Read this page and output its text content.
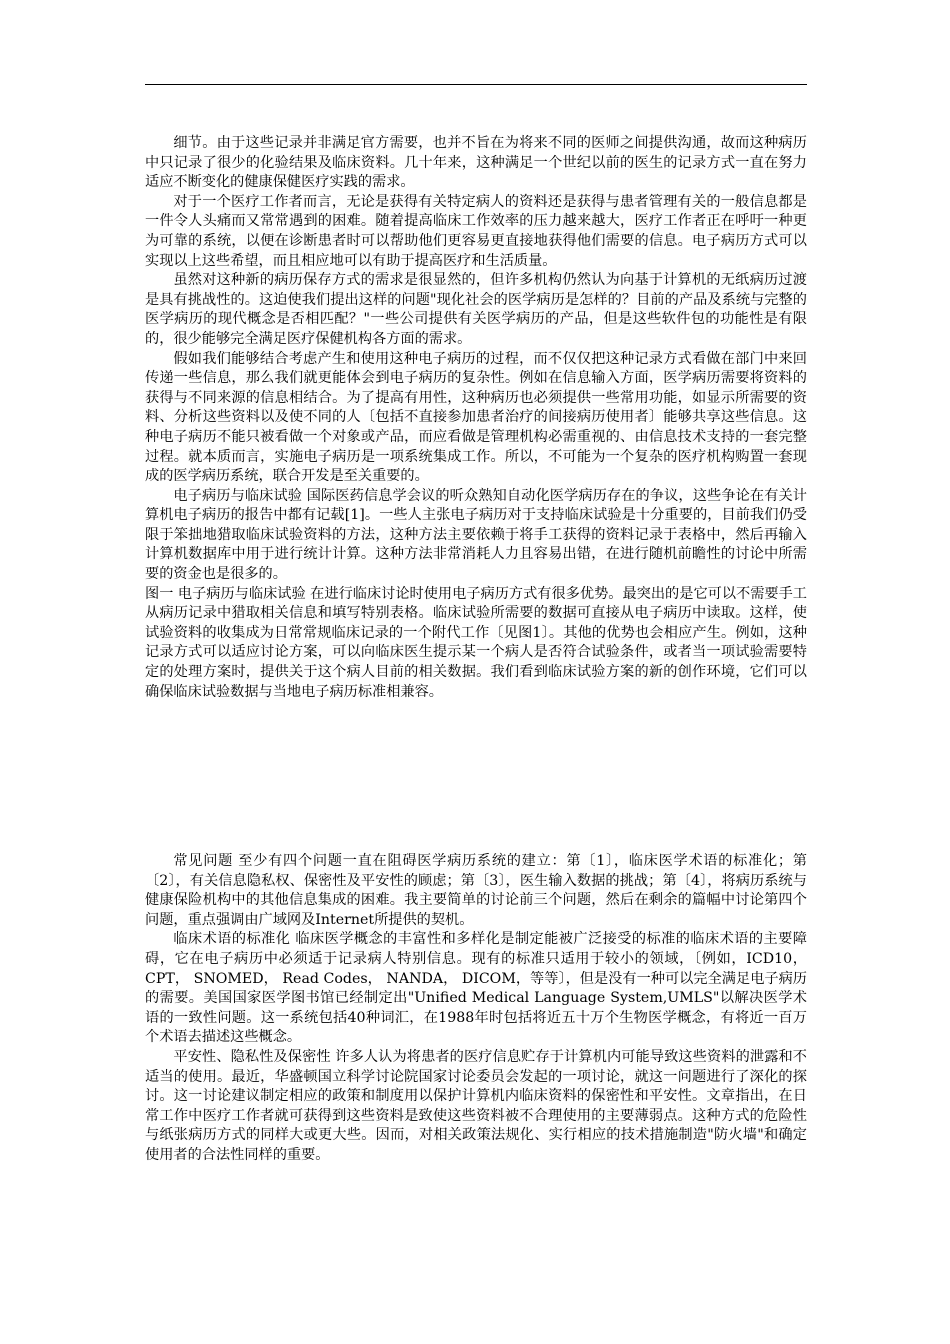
细节。由于这些记录并非满足官方需要，也并不旨在为将来不同的医师之间提供沟通，故而这种病历中只记录了很少的化验结果及临床资料。几十年来，这种满足一个世纪以前的医生的记录方式一直在努力适应不断变化的健康保健医疗实践的需求。

对于一个医疗工作者而言，无论是获得有关特定病人的资料还是获得与患者管理有关的一般信息都是一件令人头痛而又常常遇到的困难。随着提高临床工作效率的压力越来越大，医疗工作者正在呼吁一种更为可靠的系统，以便在诊断患者时可以帮助他们更容易更直接地获得他们需要的信息。电子病历方式可以实现以上这些希望，而且相应地可以有助于提高医疗和生活质量。

虽然对这种新的病历保存方式的需求是很显然的，但许多机构仍然认为向基于计算机的无纸病历过渡是具有挑战性的。这迫使我们提出这样的问题"现化社会的医学病历是怎样的？目前的产品及系统与完整的医学病历的现代概念是否相匹配？"一些公司提供有关医学病历的产品，但是这些软件包的功能性是有限的，很少能够完全满足医疗保健机构各方面的需求。

假如我们能够结合考虑产生和使用这种电子病历的过程，而不仅仅把这种记录方式看做在部门中来回传递一些信息，那么我们就更能体会到电子病历的复杂性。例如在信息输入方面，医学病历需要将资料的获得与不同来源的信息相结合。为了提高有用性，这种病历也必须提供一些常用功能，如显示所需要的资料、分析这些资料以及使不同的人〔包括不直接参加患者治疗的间接病历使用者〕能够共享这些信息。这种电子病历不能只被看做一个对象或产品，而应看做是管理机构必需重视的、由信息技术支持的一套完整过程。就本质而言，实施电子病历是一项系统集成工作。所以，不可能为一个复杂的医疗机构购置一套现成的医学病历系统，联合开发是至关重要的。

电子病历与临床试验 国际医药信息学会议的听众熟知自动化医学病历存在的争议，这些争论在有关计算机电子病历的报告中都有记载[1]。一些人主张电子病历对于支持临床试验是十分重要的，目前我们仍受限于笨拙地猎取临床试验资料的方法，这种方法主要依赖于将手工获得的资料记录于表格中，然后再输入计算机数据库中用于进行统计计算。这种方法非常消耗人力且容易出错，在进行随机前瞻性的讨论中所需要的资金也是很多的。

图一 电子病历与临床试验 在进行临床讨论时使用电子病历方式有很多优势。最突出的是它可以不需要手工从病历记录中猎取相关信息和填写特别表格。临床试验所需要的数据可直接从电子病历中读取。这样，使试验资料的收集成为日常常规临床记录的一个附代工作〔见图1〕。其他的优势也会相应产生。例如，这种记录方式可以适应讨论方案，可以向临床医生提示某一个病人是否符合试验条件，或者当一项试验需要特定的处理方案时，提供关于这个病人目前的相关数据。我们看到临床试验方案的新的创作环境，它们可以确保临床试验数据与当地电子病历标准相兼容。

常见问题 至少有四个问题一直在阻碍医学病历系统的建立：第〔1〕，临床医学术语的标准化；第〔2〕，有关信息隐私权、保密性及平安性的顾虑；第〔3〕，医生输入数据的挑战；第〔4〕，将病历系统与健康保险机构中的其他信息集成的困难。我主要简单的讨论前三个问题，然后在剩余的篇幅中讨论第四个问题，重点强调由广域网及Internet所提供的契机。

临床术语的标准化 临床医学概念的丰富性和多样化是制定能被广泛接受的标准的临床术语的主要障碍，它在电子病历中必须适于记录病人特别信息。现有的标准只适用于较小的领域，〔例如，ICD10， CPT， SNOMED， Read Codes， NANDA， DICOM，等等〕，但是没有一种可以完全满足电子病历的需要。美国国家医学图书馆已经制定出"Unified Medical Language System,UMLS"以解决医学术语的一致性问题。这一系统包括40种词汇，在1988年时包括将近五十万个生物医学概念，有将近一百万个术语去描述这些概念。

平安性、隐私性及保密性 许多人认为将患者的医疗信息贮存于计算机内可能导致这些资料的泄露和不适当的使用。最近，华盛顿国立科学讨论院国家讨论委员会发起的一项讨论，就这一问题进行了深化的探讨。这一讨论建议制定相应的政策和制度用以保护计算机内临床资料的保密性和平安性。文章指出，在日常工作中医疗工作者就可获得到这些资料是致使这些资料被不合理使用的主要薄弱点。这种方式的危险性与纸张病历方式的同样大或更大些。因而，对相关政策法规化、实行相应的技术措施制造"防火墙"和确定使用者的合法性同样的重要。
